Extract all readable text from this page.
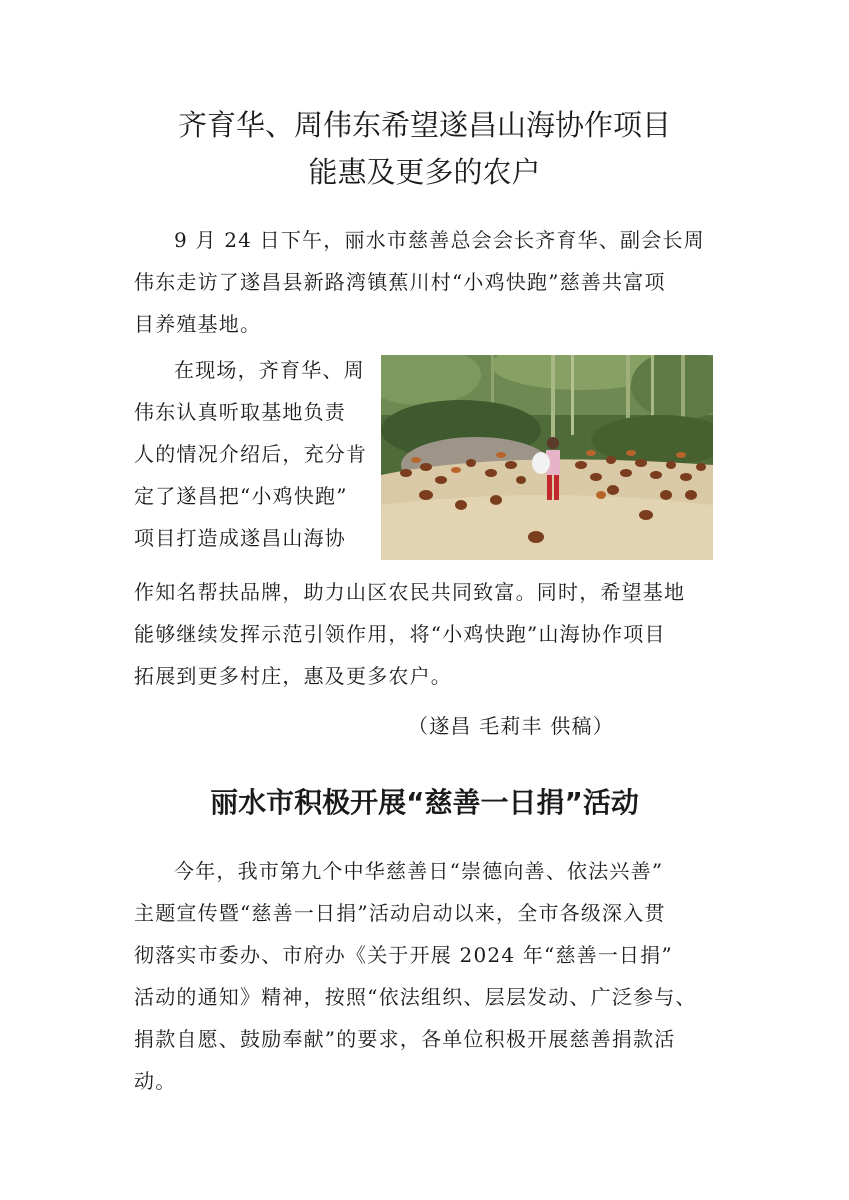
齐育华、周伟东希望遂昌山海协作项目
能惠及更多的农户

9 月 24 日下午，丽水市慈善总会会长齐育华、副会长周

伟东走访了遂昌县新路湾镇蕉川村“小鸡快跑”慈善共富项

目养殖基地。

在现场，齐育华、周

伟东认真听取基地负责

人的情况介绍后，充分肯

定了遂昌把“小鸡快跑”

项目打造成遂昌山海协

作知名帮扶品牌，助力山区农民共同致富。同时，希望基地

能够继续发挥示范引领作用，将“小鸡快跑”山海协作项目

拓展到更多村庄，惠及更多农户。

（遂昌 毛莉丰 供稿）

丽水市积极开展“慈善一日捐”活动

今年，我市第九个中华慈善日“崇德向善、依法兴善”

主题宣传暨“慈善一日捐”活动启动以来，全市各级深入贯

彻落实市委办、市府办《关于开展 2024 年“慈善一日捐”

活动的通知》精神，按照“依法组织、层层发动、广泛参与、

捐款自愿、鼓励奉献”的要求，各单位积极开展慈善捐款活

动。
